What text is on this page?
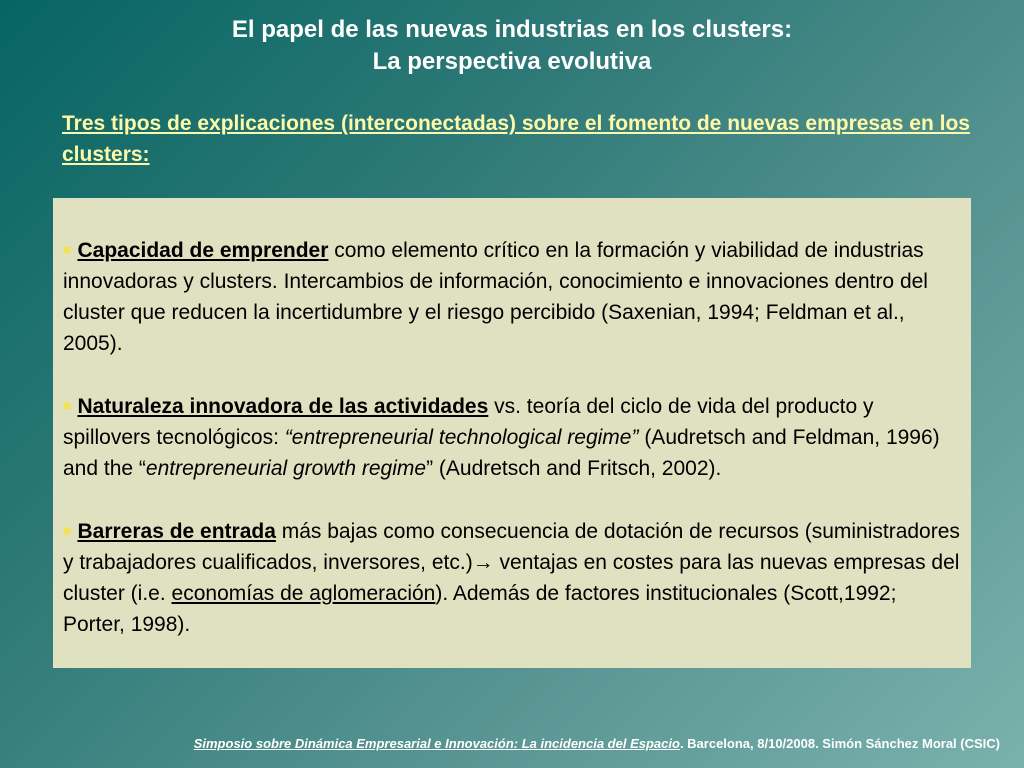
El papel de las nuevas industrias en los clusters:
La perspectiva evolutiva
Tres tipos de explicaciones (interconectadas) sobre el fomento de nuevas empresas en los clusters:
■ Capacidad de emprender como elemento crítico en la formación y viabilidad de industrias innovadoras y clusters. Intercambios de información, conocimiento e innovaciones dentro del cluster que reducen la incertidumbre y el riesgo percibido (Saxenian, 1994; Feldman et al., 2005).
■ Naturaleza innovadora de las actividades vs. teoría del ciclo de vida del producto y spillovers tecnológicos: “entrepreneurial technological regime” (Audretsch and Feldman, 1996) and the “entrepreneurial growth regime” (Audretsch and Fritsch, 2002).
■ Barreras de entrada más bajas como consecuencia de dotación de recursos (suministradores y trabajadores cualificados, inversores, etc.)→ ventajas en costes para las nuevas empresas del cluster (i.e. economías de aglomeración). Además de factores institucionales (Scott,1992; Porter, 1998).
Simposio sobre Dinámica Empresarial e Innovación: La incidencia del Espacio. Barcelona, 8/10/2008. Simón Sánchez Moral (CSIC)
